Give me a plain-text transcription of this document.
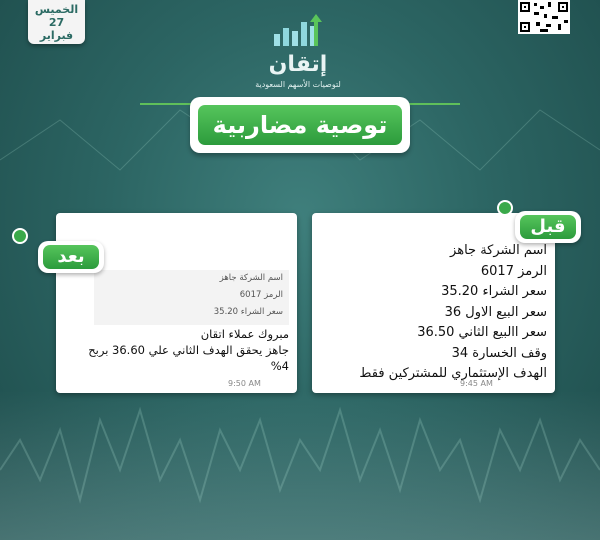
الخميس
27
فبراير
إتقان
لتوصيات الأسهم السعودية
توصية مضاربية
اسم الشركة جاهز
الرمز 6017
سعر الشراء 35.20
سعر البيع الاول 36
سعر االبيع الثاني 36.50
وقف الخسارة 34
الهدف الإستثماري للمشتركين فقط
9:45 AM
قبل
اسم الشركة جاهز
الرمز 6017
سعر الشراء 35.20
مبروك عملاء اتقان
جاهز يحقق الهدف الثاني علي 36.60 بربح
%4
9:50 AM
بعد
